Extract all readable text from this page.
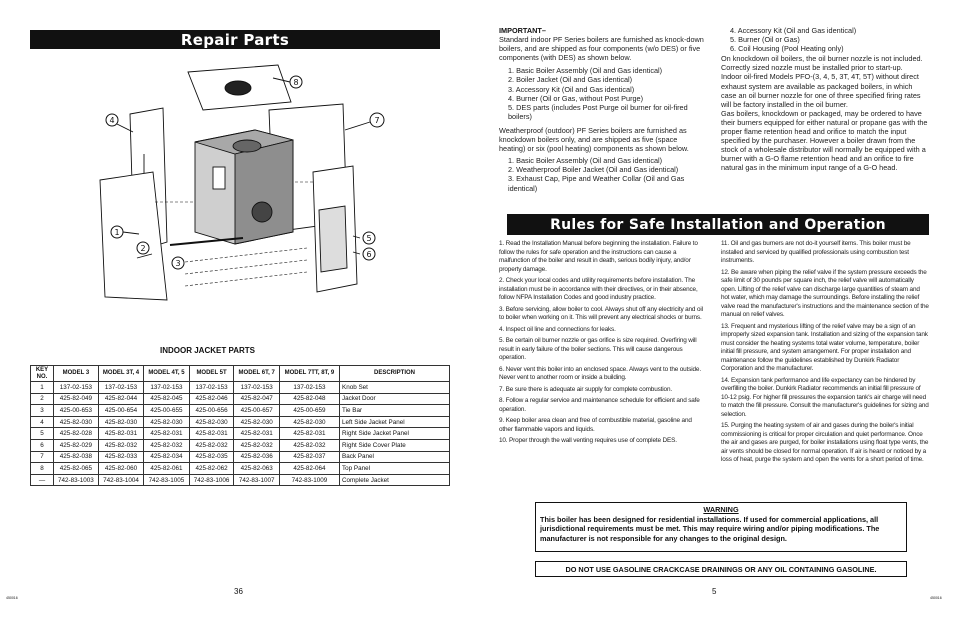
Repair Parts
4
8
7
1
2
3
5
6
INDOOR JACKET PARTS
KEY NO.	MODEL 3	MODEL 3T, 4	MODEL 4T, 5	MODEL 5T	MODEL 6T, 7	MODEL 7TT, 8T, 9	DESCRIPTION
1	137-02-153	137-02-153	137-02-153	137-02-153	137-02-153	137-02-153	Knob Set
2	425-82-049	425-82-044	425-82-045	425-82-046	425-82-047	425-82-048	Jacket Door
3	425-00-653	425-00-654	425-00-655	425-00-656	425-00-657	425-00-659	Tie Bar
4	425-82-030	425-82-030	425-82-030	425-82-030	425-82-030	425-82-030	Left Side Jacket Panel
5	425-82-028	425-82-031	425-82-031	425-82-031	425-82-031	425-82-031	Right Side Jacket Panel
6	425-82-029	425-82-032	425-82-032	425-82-032	425-82-032	425-82-032	Right Side Cover Plate
7	425-82-038	425-82-033	425-82-034	425-82-035	425-82-036	425-82-037	Back Panel
8	425-82-065	425-82-060	425-82-061	425-82-062	425-82-063	425-82-064	Top Panel
—	742-83-1003	742-83-1004	742-83-1005	742-83-1006	742-83-1007	742-83-1009	Complete Jacket
36
450016
IMPORTANT–
Standard indoor PF Series boilers are furnished as knock-down boilers, and are shipped as four components (w/o DES) or five components (with DES) as shown below.
1. Basic Boiler Assembly (Oil and Gas identical)
2. Boiler Jacket (Oil and Gas identical)
3. Accessory Kit (Oil and Gas identical)
4. Burner (Oil or Gas, without Post Purge)
5. DES parts (includes Post Purge oil burner for oil-fired boilers)
Weatherproof (outdoor) PF Series boilers are furnished as knockdown boilers only, and are shipped as five (space heating) or six (pool heating) components as shown below.
1. Basic Boiler Assembly (Oil and Gas identical)
2. Weatherproof Boiler Jacket (Oil and Gas identical)
3. Exhaust Cap, Pipe and Weather Collar (Oil and Gas identical)
4. Accessory Kit (Oil and Gas identical)
5. Burner (Oil or Gas)
6. Coil Housing (Pool Heating only)
On knockdown oil boilers, the oil burner nozzle is not included. Correctly sized nozzle must be installed prior to start-up.
Indoor oil-fired Models PFO-(3, 4, 5, 3T, 4T, 5T) without direct exhaust system are available as packaged boilers, in which case an oil burner nozzle for one of three specified firing rates will be factory installed in the oil burner.
Gas boilers, knockdown or packaged, may be ordered to have their burners equipped for either natural or propane gas with the proper flame retention head and orifice to match the input specified by the purchaser. However a boiler drawn from the stock of a wholesale distributor will normally be equipped with a burner with a G-O flame retention head and an orifice to fire natural gas in the minimum input range of a G-O head.
Rules for Safe Installation and Operation
1. Read the Installation Manual before beginning the installation. Failure to follow the rules for safe operation and the instructions can cause a malfunction of the boiler and result in death, serious bodily injury, and/or property damage.
2. Check your local codes and utility requirements before installation. The installation must be in accordance with their directives, or in their absence, follow NFPA Installation Codes and good industry practice.
3. Before servicing, allow boiler to cool. Always shut off any electricity and oil to boiler when working on it. This will prevent any electrical shocks or burns.
4. Inspect oil line and connections for leaks.
5. Be certain oil burner nozzle or gas orifice is size required. Overfiring will result in early failure of the boiler sections. This will cause dangerous operation.
6. Never vent this boiler into an enclosed space. Always vent to the outside. Never vent to another room or inside a building.
7. Be sure there is adequate air supply for complete combustion.
8. Follow a regular service and maintenance schedule for efficient and safe operation.
9. Keep boiler area clean and free of combustible material, gasoline and other flammable vapors and liquids.
10. Proper through the wall venting requires use of complete DES.
11. Oil and gas burners are not do-it yourself items. This boiler must be installed and serviced by qualified professionals using combustion test instruments.
12. Be aware when piping the relief valve if the system pressure exceeds the safe limit of 30 pounds per square inch, the relief valve will automatically open. Lifting of the relief valve can discharge large quantities of steam and hot water, which may damage the surroundings. Before installing the relief valve read the manufacturer's instructions and the maintenance section of the manual on relief valves.
13. Frequent and mysterious lifting of the relief valve may be a sign of an improperly sized expansion tank. Installation and sizing of the expansion tank must consider the heating systems total water volume, temperature, boiler initial fill pressure, and system arrangement. For proper installation and maintenance follow the guidelines established by Dunkirk Radiator Corporation and the manufacturer.
14. Expansion tank performance and life expectancy can be hindered by overfilling the boiler. Dunkirk Radiator recommends an initial fill pressure of 10-12 psig. For higher fill pressures the expansion tank's air charge will need to match the fill pressure. Consult the manufacturer's guidelines for sizing and selection.
15. Purging the heating system of air and gases during the boiler's initial commissioning is critical for proper circulation and quiet performance. Once the air and gases are purged, for boiler installations using float type vents, the air vents should be closed for normal operation. If air is heard or noticed by a loss of heat, purge the system and open the vents for a short period of time.
WARNING
This boiler has been designed for residential installations. If used for commercial applications, all jurisdictional requirements must be met. This may require wiring and/or piping modifications. The manufacturer is not responsible for any changes to the original design.
DO NOT USE GASOLINE CRACKCASE DRAININGS OR ANY OIL CONTAINING GASOLINE.
5
450016
